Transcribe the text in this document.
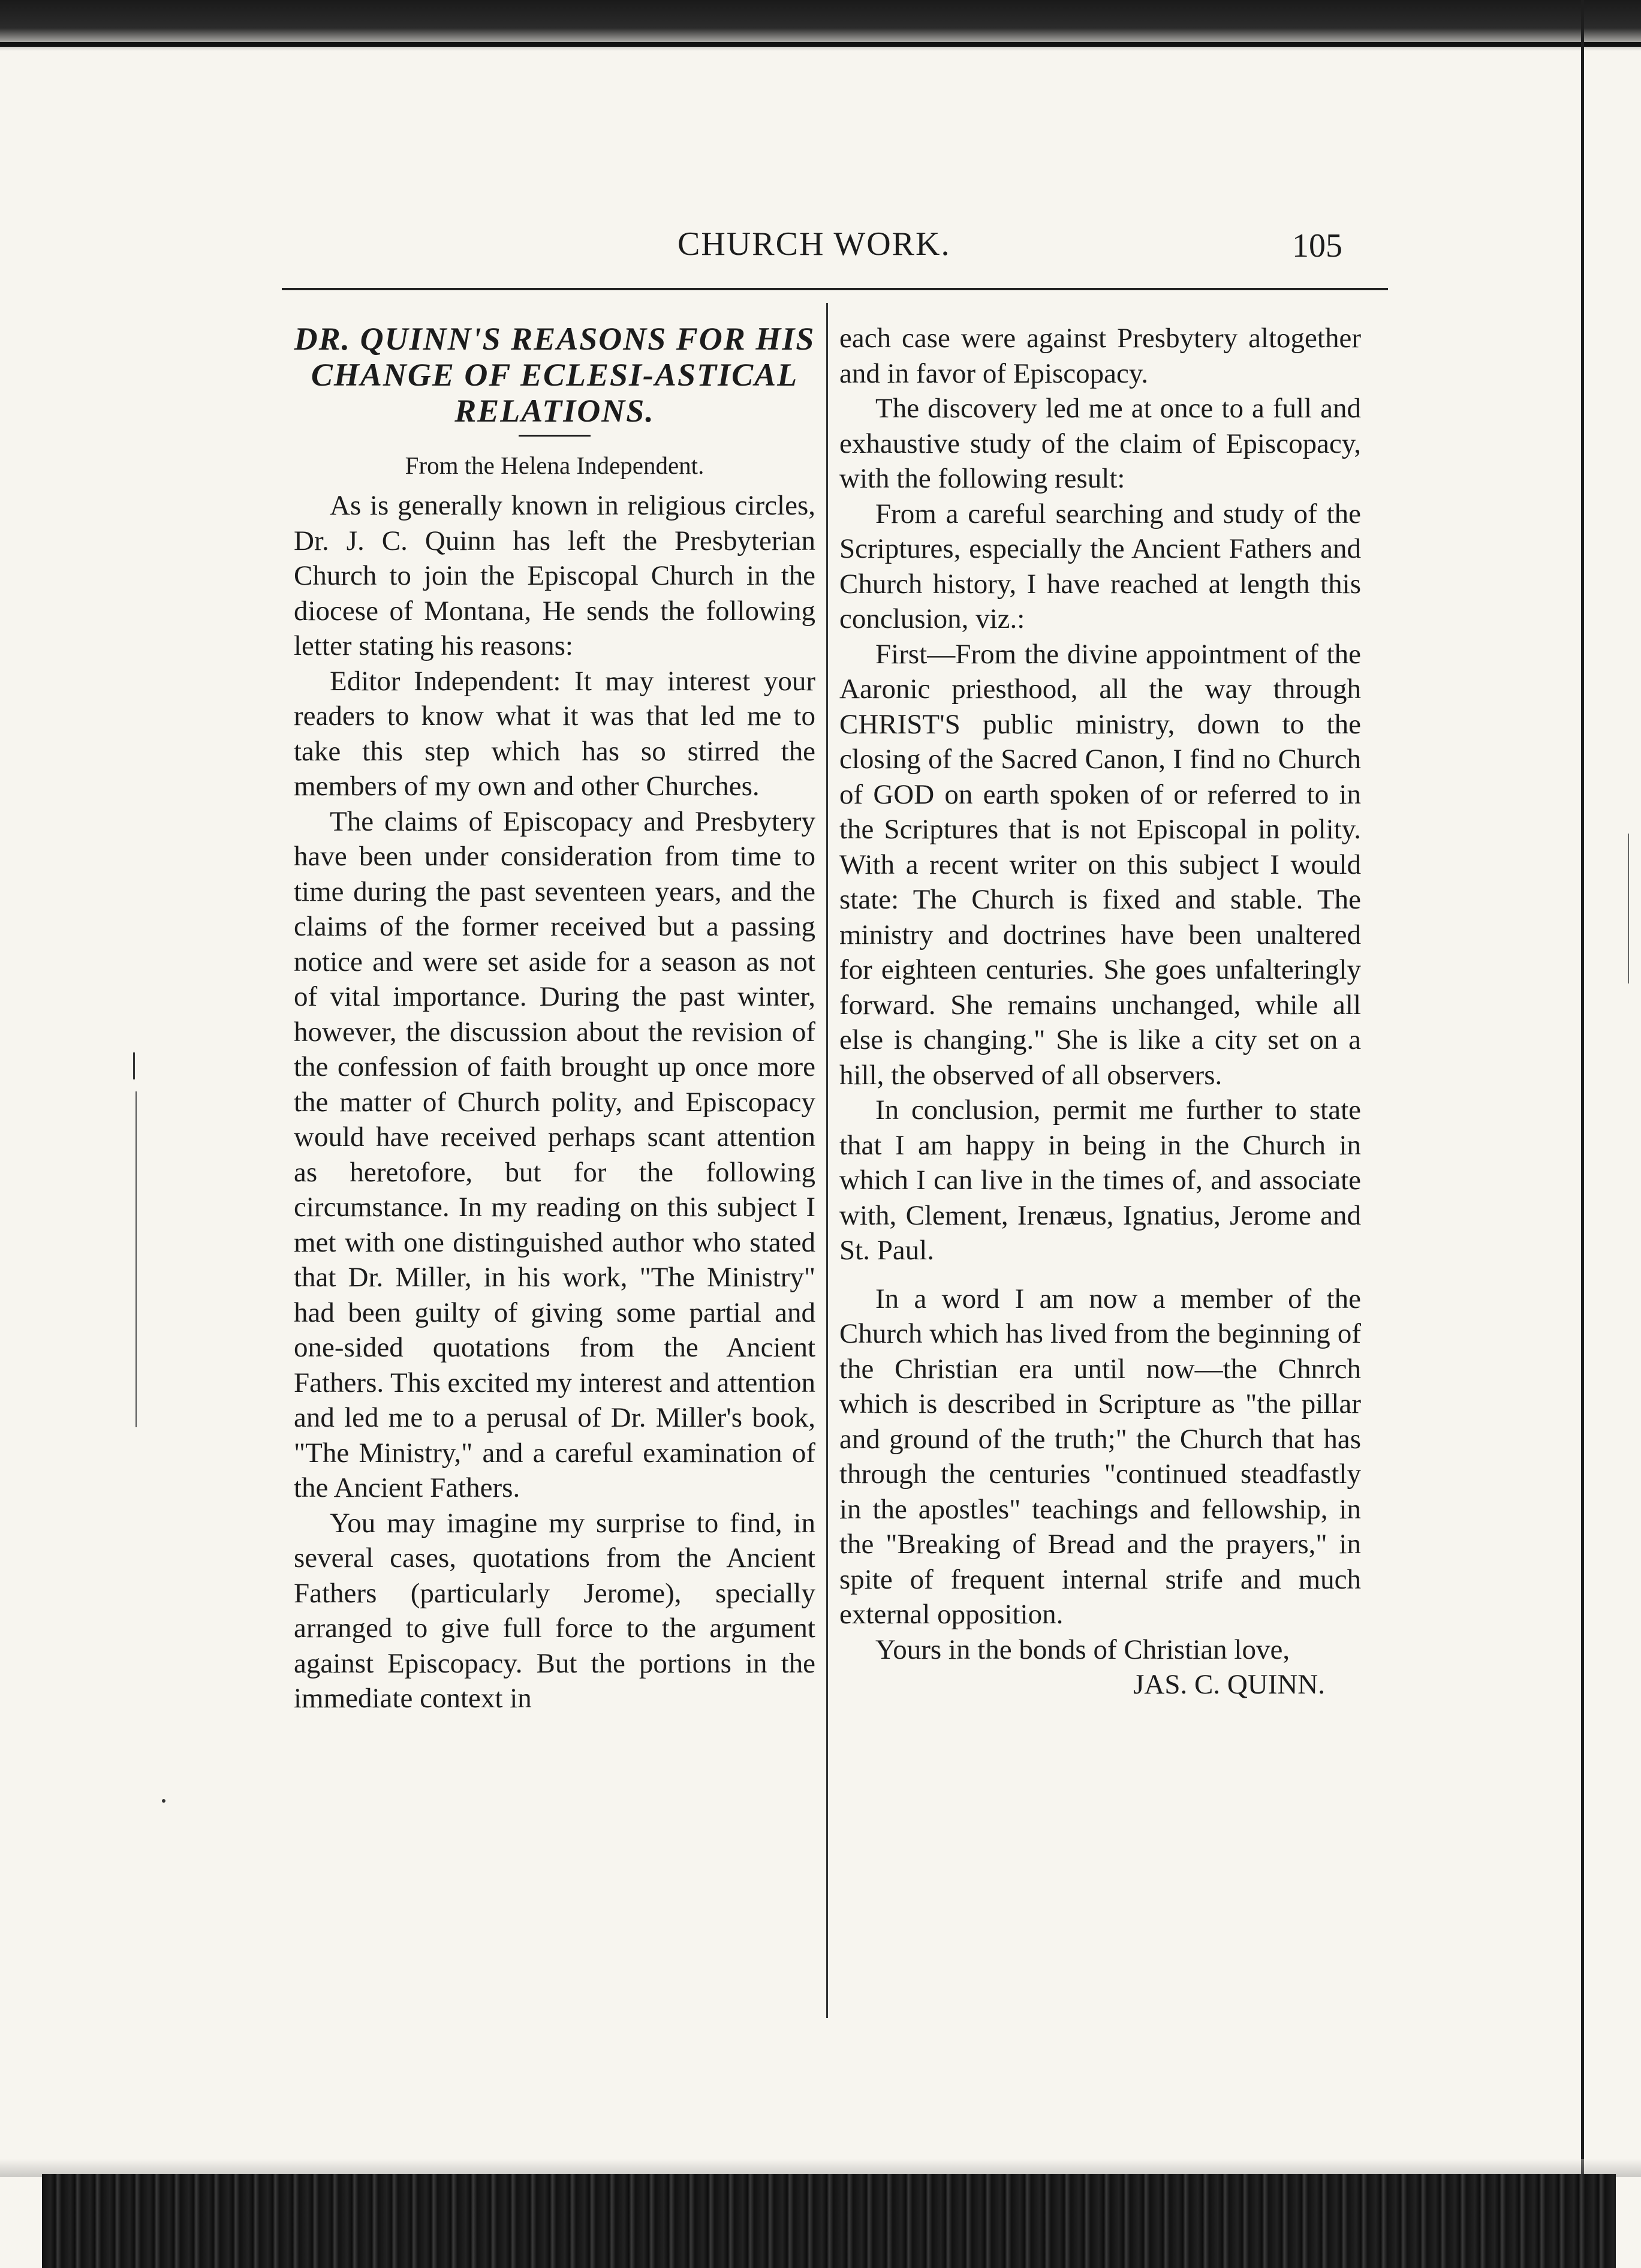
CHURCH WORK.	105
DR. QUINN'S REASONS FOR HIS CHANGE OF ECLESI-ASTICAL RELATIONS.
From the Helena Independent.

As is generally known in religious circles, Dr. J. C. Quinn has left the Presbyterian Church to join the Episcopal Church in the diocese of Montana, He sends the following letter stating his reasons:

Editor Independent: It may interest your readers to know what it was that led me to take this step which has so stirred the members of my own and other Churches.

The claims of Episcopacy and Presbytery have been under consideration from time to time during the past seventeen years, and the claims of the former received but a passing notice and were set aside for a season as not of vital importance. During the past winter, however, the discussion about the revision of the confession of faith brought up once more the matter of Church polity, and Episcopacy would have received perhaps scant attention as heretofore, but for the following circumstance. In my reading on this subject I met with one distinguished author who stated that Dr. Miller, in his work, "The Ministry" had been guilty of giving some partial and one-sided quotations from the Ancient Fathers. This excited my interest and attention and led me to a perusal of Dr. Miller's book, "The Ministry," and a careful examination of the Ancient Fathers.

You may imagine my surprise to find, in several cases, quotations from the Ancient Fathers (particularly Jerome), specially arranged to give full force to the argument against Episcopacy. But the portions in the immediate context in

each case were against Presbytery altogether and in favor of Episcopacy.

The discovery led me at once to a full and exhaustive study of the claim of Episcopacy, with the following result:

From a careful searching and study of the Scriptures, especially the Ancient Fathers and Church history, I have reached at length this conclusion, viz.:

First—From the divine appointment of the Aaronic priesthood, all the way through CHRIST'S public ministry, down to the closing of the Sacred Canon, I find no Church of GOD on earth spoken of or referred to in the Scriptures that is not Episcopal in polity. With a recent writer on this subject I would state: The Church is fixed and stable. The ministry and doctrines have been unaltered for eighteen centuries. She goes unfalteringly forward. She remains unchanged, while all else is changing." She is like a city set on a hill, the observed of all observers.

In conclusion, permit me further to state that I am happy in being in the Church in which I can live in the times of, and associate with, Clement, Irenæus, Ignatius, Jerome and St. Paul.

In a word I am now a member of the Church which has lived from the beginning of the Christian era until now—the Chnrch which is described in Scripture as "the pillar and ground of the truth;" the Church that has through the centuries "continued steadfastly in the apostles" teachings and fellowship, in the "Breaking of Bread and the prayers," in spite of frequent internal strife and much external opposition.

Yours in the bonds of Christian love,

JAS. C. QUINN.
